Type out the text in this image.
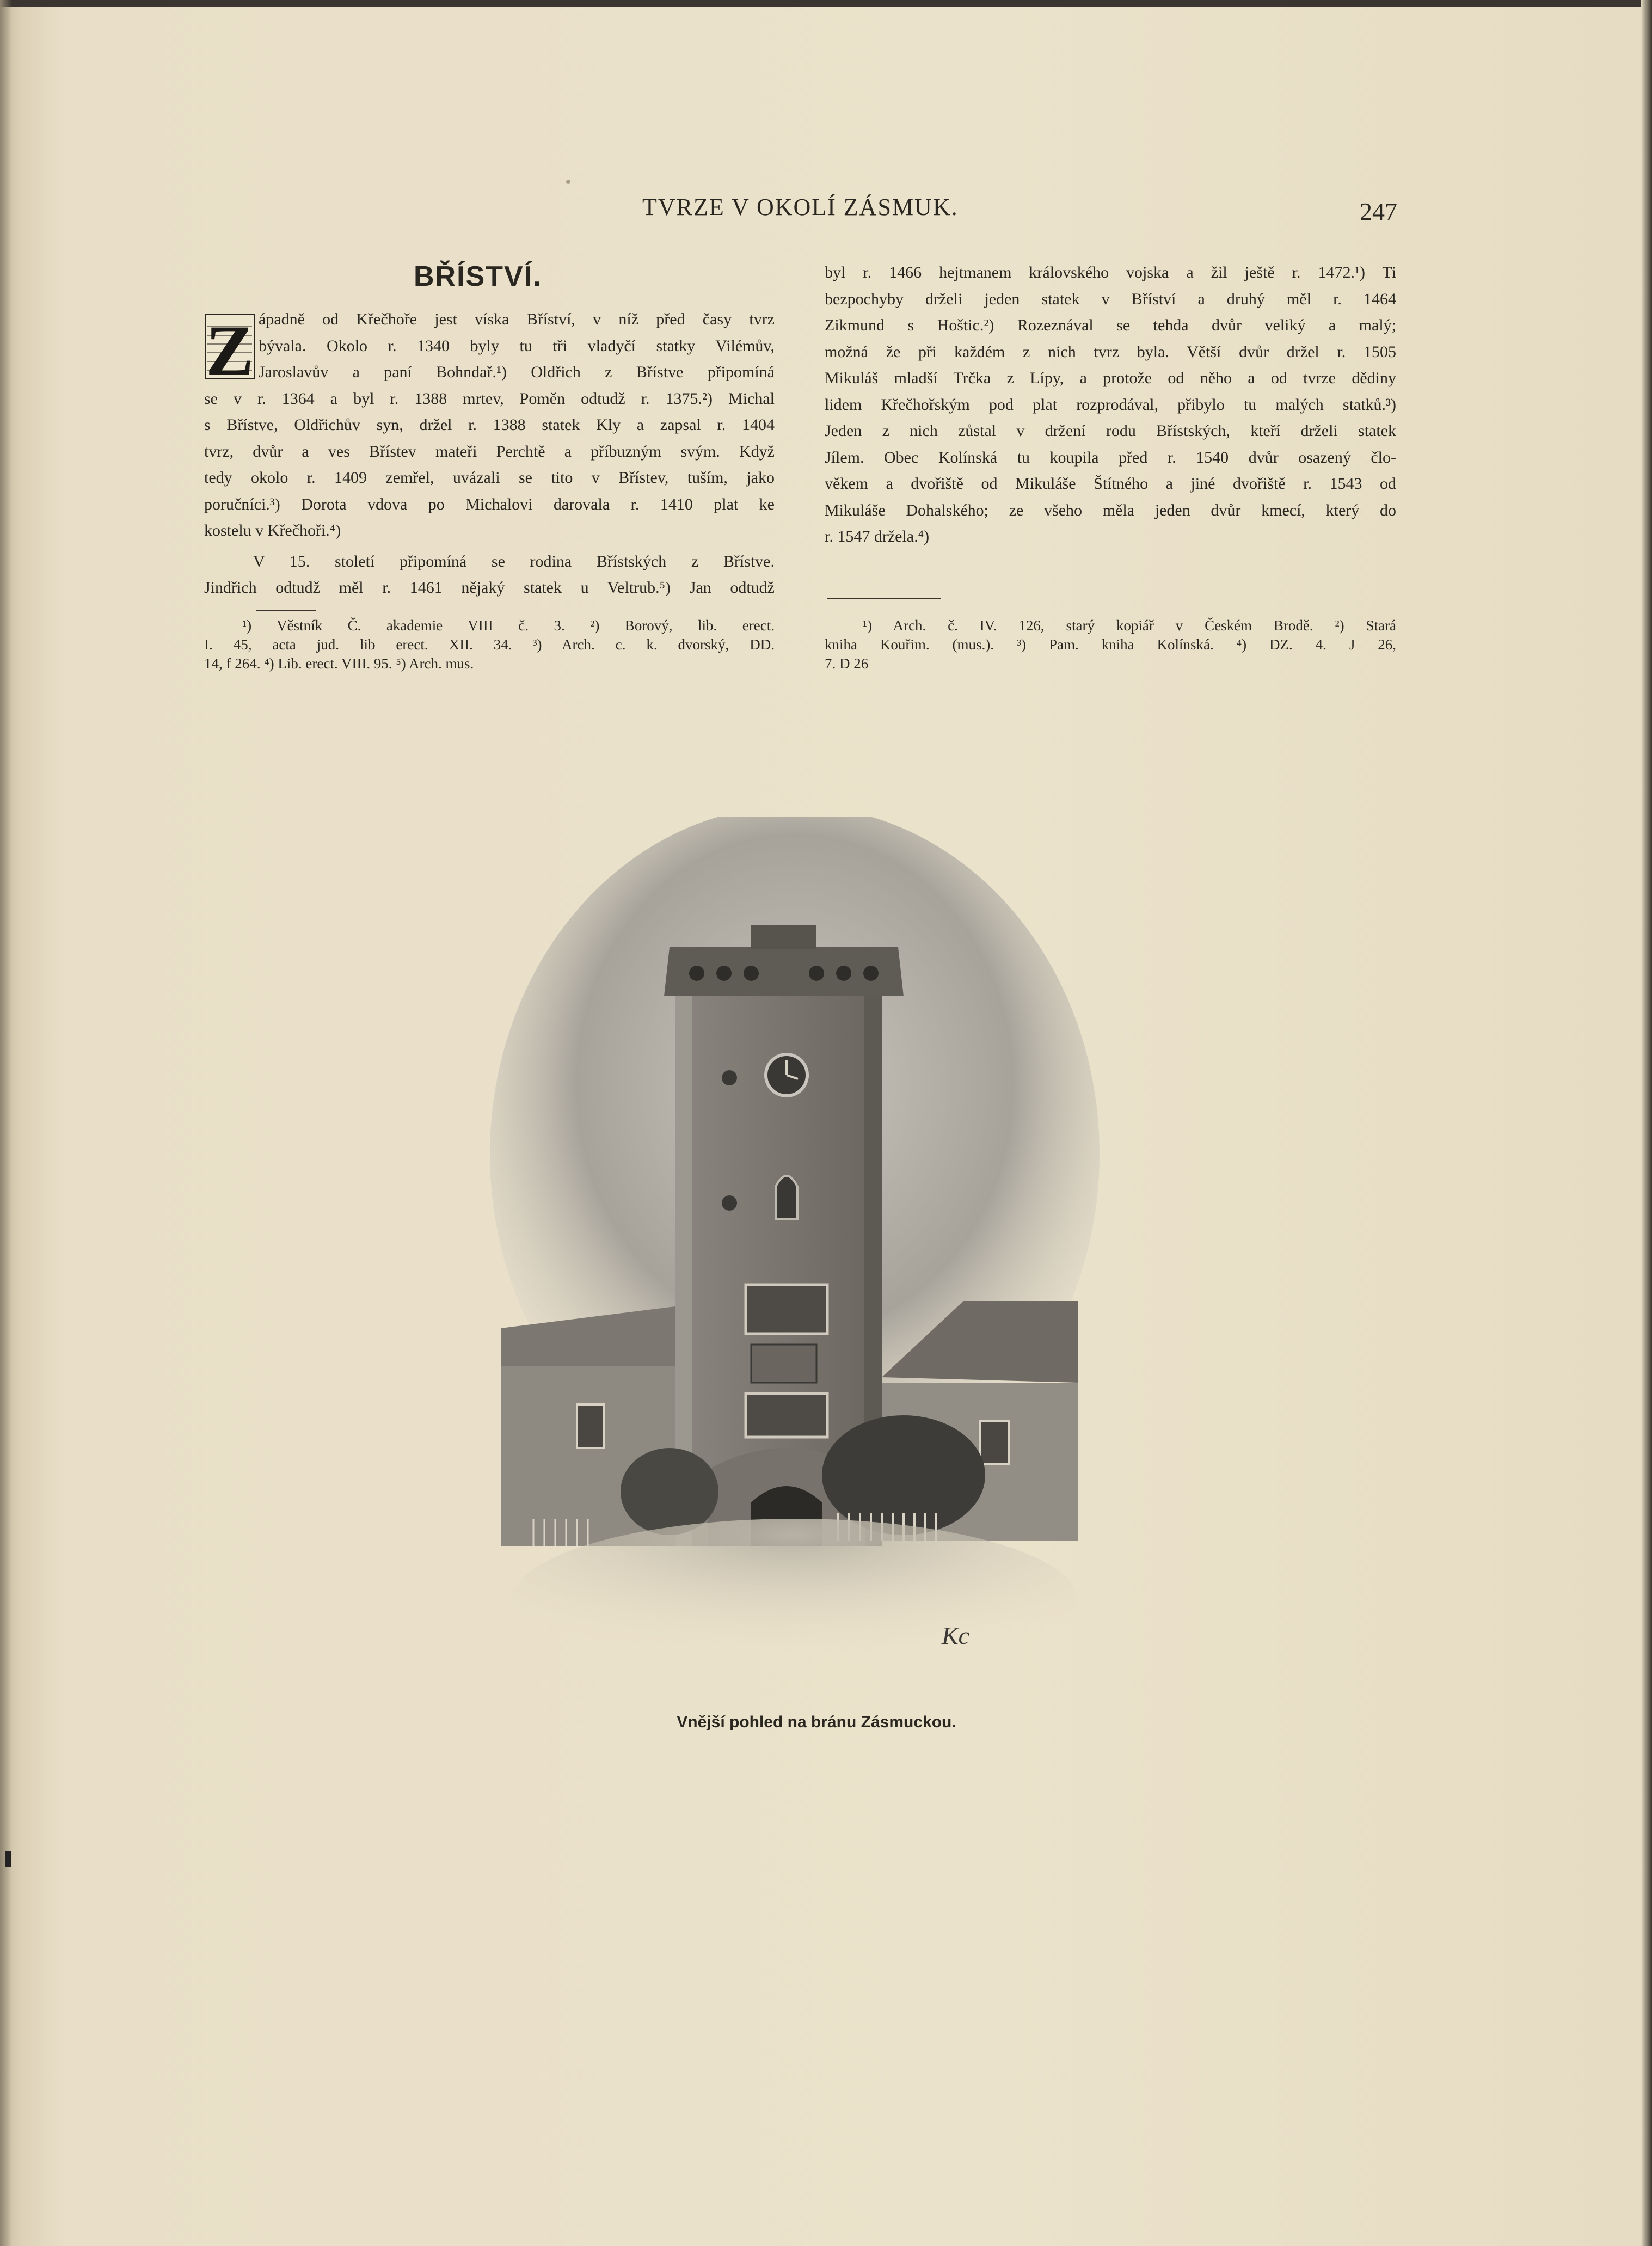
TVRZE V OKOLÍ ZÁSMUK.	247
BŘÍSTVÍ.
Z ápadně od Křečhoře jest víska Bříství, v níž před časy tvrz
bývala. Okolo r. 1340 byly tu tři vladyčí statky Vilémův,
Jaroslavův a paní Bohndař.¹) Oldřich z Břístve připomíná
se v r. 1364 a byl r. 1388 mrtev, Poměn odtudž r. 1375.²) Michal
s Břístve, Oldřichův syn, držel r. 1388 statek Kly a zapsal r. 1404
tvrz, dvůr a ves Břístev mateři Perchtě a příbuzným svým. Když
tedy okolo r. 1409 zemřel, uvázali se tito v Břístev, tuším, jako
poručníci.³) Dorota vdova po Michalovi darovala r. 1410 plat ke
kostelu v Křečhoři.⁴)
V 15. století připomíná se rodina Břístských z Břístve.
Jindřich odtudž měl r. 1461 nějaký statek u Veltrub.⁵) Jan odtudž
¹) Věstník Č. akademie VIII č. 3. ²) Borový, lib. erect.
I. 45, acta jud. lib erect. XII. 34. ³) Arch. c. k. dvorský, DD.
14, f 264. ⁴) Lib. erect. VIII. 95. ⁵) Arch. mus.
byl r. 1466 hejtmanem královského vojska a žil ještě r. 1472.¹) Ti
bezpochyby drželi jeden statek v Bříství a druhý měl r. 1464
Zikmund s Hoštic.²) Rozeznával se tehda dvůr veliký a malý;
možná že při každém z nich tvrz byla. Větší dvůr držel r. 1505
Mikuláš mladší Trčka z Lípy, a protože od něho a od tvrze dědiny
lidem Křečhořským pod plat rozprodával, přibylo tu malých statků.³)
Jeden z nich zůstal v držení rodu Břístských, kteří drželi statek
Jílem. Obec Kolínská tu koupila před r. 1540 dvůr osazený člo-
věkem a dvořiště od Mikuláše Štítného a jiné dvořiště r. 1543 od
Mikuláše Dohalského; ze všeho měla jeden dvůr kmecí, který do
r. 1547 držela.⁴)
¹) Arch. č. IV. 126, starý kopiář v Českém Brodě. ²) Stará
kniha Kouřim. (mus.). ³) Pam. kniha Kolínská. ⁴) DZ. 4. J 26,
7. D 26
Kc
Vnější pohled na bránu Zásmuckou.
